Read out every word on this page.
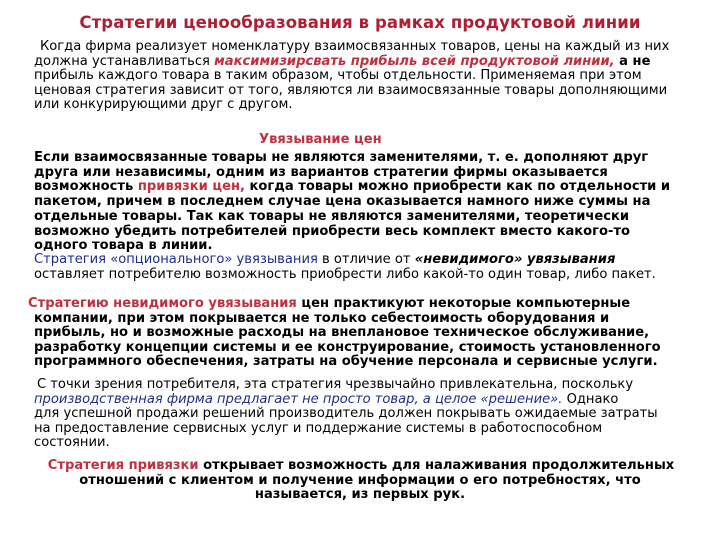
Стратегии ценообразования в рамках продуктовой линии
Когда фирма реализует номенклатуру взаимосвязанных товаров, цены на каждый из них
должна устанавливаться максимизирсвать прибыль всей продуктовой линии, а не
прибыль каждого товара в таким образом, чтобы отдельности. Применяемая при этом
ценовая стратегия зависит от того, являются ли взаимосвязанные товары дополняющими
или конкурирующими друг с другом.
Увязывание цен
Если взаимосвязанные товары не являются заменителями, т. е. дополняют друг
друга или независимы, одним из вариантов стратегии фирмы оказывается
возможность привязки цен, когда товары можно приобрести как по отдельности и
пакетом, причем в последнем случае цена оказывается намного ниже суммы на
отдельные товары. Так как товары не являются заменителями, теоретически
возможно убедить потребителей приобрести весь комплект вместо какого-то
одного товара в линии.
Стратегия «опционального» увязывания в отличие от «невидимого» увязывания
оставляет потребителю возможность приобрести либо какой-то один товар, либо пакет.
Стратегию невидимого увязывания цен практикуют некоторые компьютерные
компании, при этом покрывается не только себестоимость оборудования и
прибыль, но и возможные расходы на внеплановое техническое обслуживание,
разработку концепции системы и ее конструирование, стоимость установленного
программного обеспечения, затраты на обучение персонала и сервисные услуги.
С точки зрения потребителя, эта стратегия чрезвычайно привлекательна, поскольку
производственная фирма предлагает не просто товар, а целое «решение». Однако
для успешной продажи решений производитель должен покрывать ожидаемые затраты
на предоставление сервисных услуг и поддержание системы в работоспособном
состоянии.
Стратегия привязки открывает возможность для налаживания продолжительных
отношений с клиентом и получение информации о его потребностях, что
называется, из первых рук.
